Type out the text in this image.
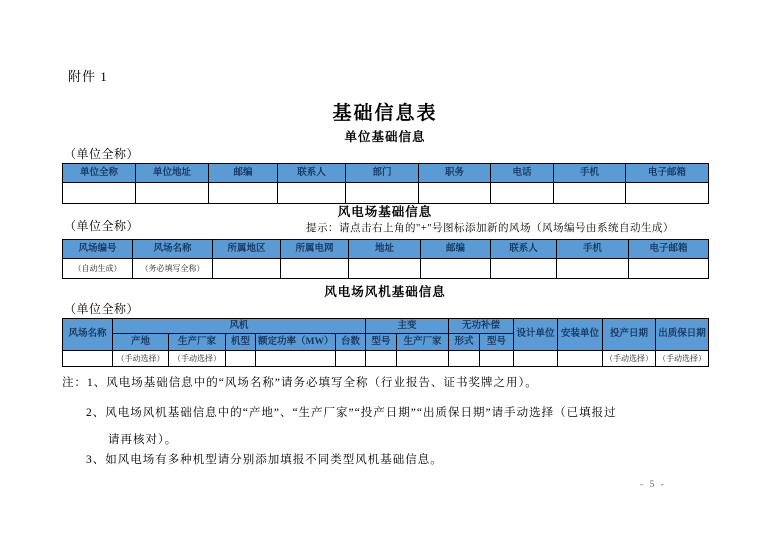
附件 1
基础信息表
单位基础信息
（单位全称）
单位全称	单位地址	邮编	联系人	部门	职务	电话	手机	电子邮箱

风电场基础信息
（单位全称）	提示：请点击右上角的"+"号图标添加新的风场（风场编号由系统自动生成）
风场编号	风场名称	所属地区	所属电网	地址	邮编	联系人	手机	电子邮箱
（自动生成）	（务必填写全称）							
风电场风机基础信息
（单位全称）
风场名称	风机					主变		无功补偿		设计单位	安装单位	投产日期	出质保日期
	产地	生产厂家	机型	额定功率（MW）	台数	型号	生产厂家	形式	型号				
	（手动选择）	（手动选择）										（手动选择）	（手动选择）
注：1、风电场基础信息中的“风场名称”请务必填写全称（行业报告、证书奖牌之用）。
2、风电场风机基础信息中的“产地”、“生产厂家”“投产日期”“出质保日期”请手动选择（已填报过
请再核对）。
3、如风电场有多种机型请分别添加填报不同类型风机基础信息。
- 5 -
